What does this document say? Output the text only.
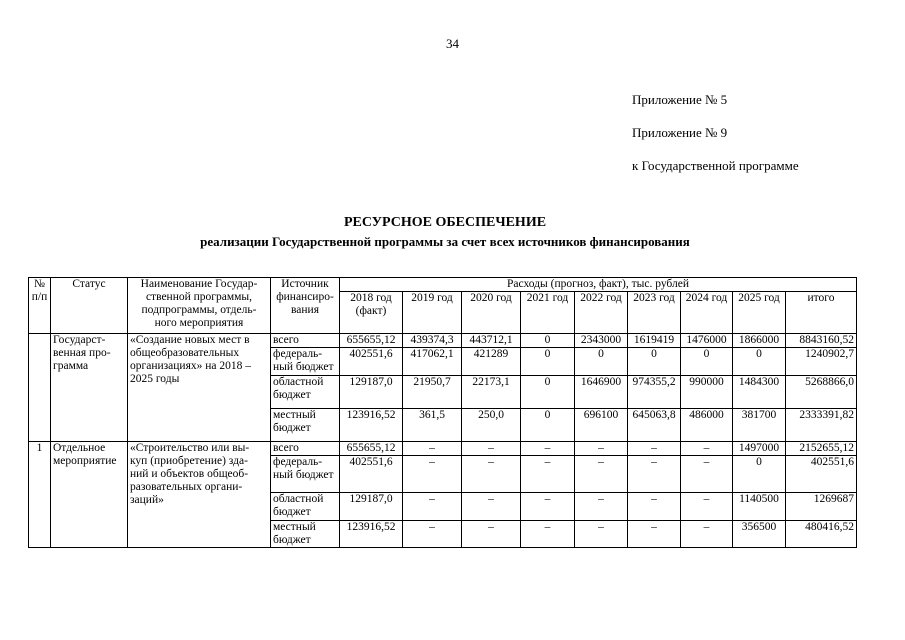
34
Приложение № 5
Приложение № 9
к Государственной программе
РЕСУРСНОЕ ОБЕСПЕЧЕНИЕ
реализации Государственной программы за счет всех источников финансирования
№ п/п	Статус	Наименование Государ- ственной программы, подпрограммы, отдель- ного мероприятия	Источник финансиро- вания	Расходы (прогноз, факт), тыс. рублей								
				2018 год (факт)	2019 год	2020 год	2021 год	2022 год	2023 год	2024 год	2025 год	итого
	Государст- венная про- грамма	«Создание новых мест в общеобразовательных организациях» на 2018 – 2025 годы	всего	655655,12	439374,3	443712,1	0	2343000	1619419	1476000	1866000	8843160,52
			федераль- ный бюджет	402551,6	417062,1	421289	0	0	0	0	0	1240902,7
			областной бюджет	129187,0	21950,7	22173,1	0	1646900	974355,2	990000	1484300	5268866,0
			местный бюджет	123916,52	361,5	250,0	0	696100	645063,8	486000	381700	2333391,82
1	Отдельное мероприятие	«Строительство или вы- куп (приобретение) зда- ний и объектов общеоб- разовательных органи- заций»	всего	655655,12	–	–	–	–	–	–	1497000	2152655,12
			федераль- ный бюджет	402551,6	–	–	–	–	–	–	0	402551,6
			областной бюджет	129187,0	–	–	–	–	–	–	1140500	1269687
			местный бюджет	123916,52	–	–	–	–	–	–	356500	480416,52
